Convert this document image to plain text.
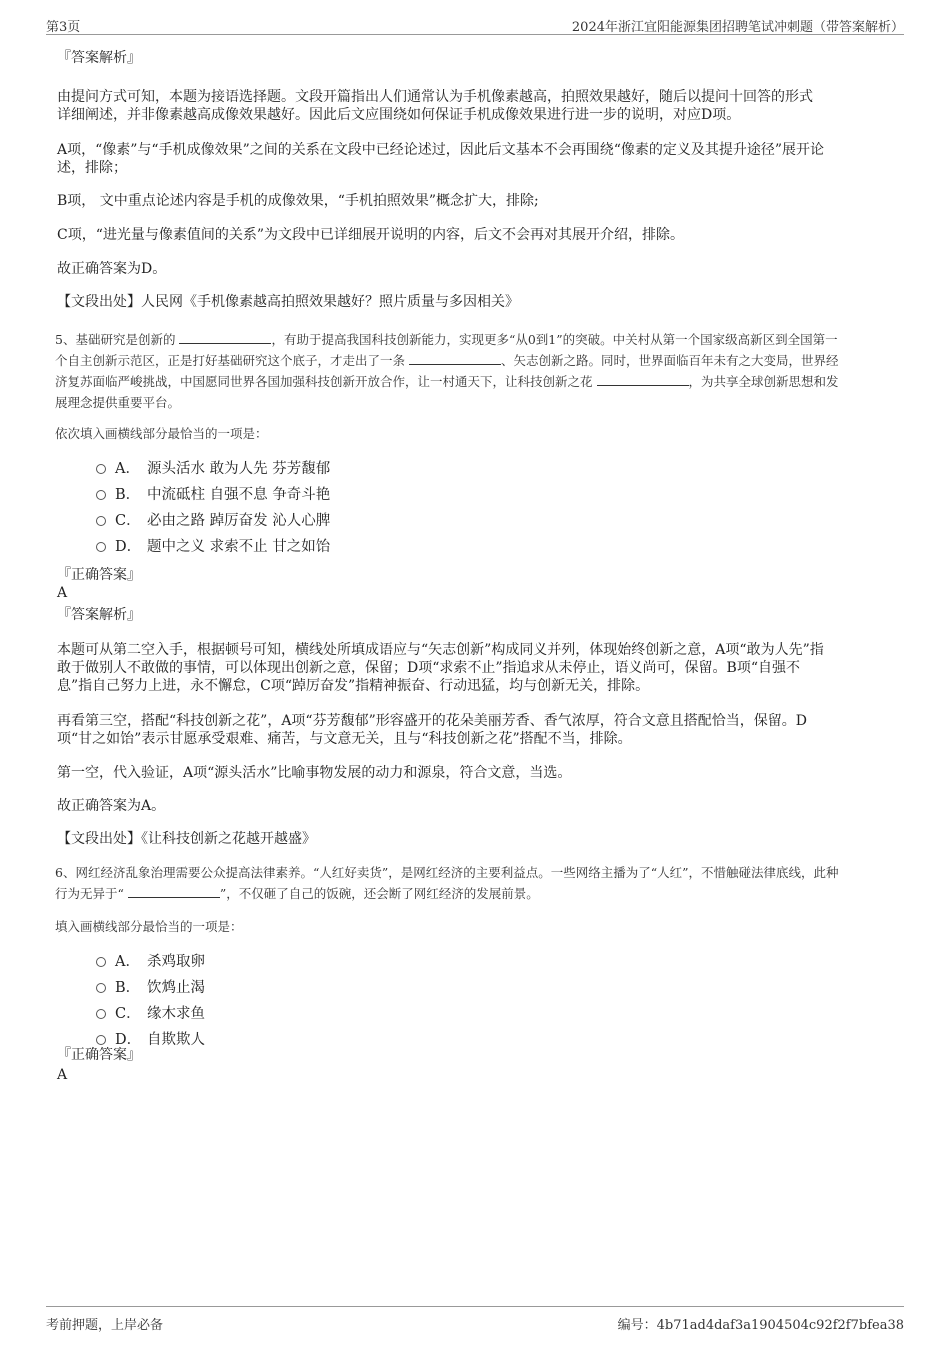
第3页	2024年浙江宜阳能源集团招聘笔试冲刺题（带答案解析）
『答案解析』
由提问方式可知，本题为接语选择题。文段开篇指出人们通常认为手机像素越高，拍照效果越好，随后以提问十回答的形式
详细阐述，并非像素越高成像效果越好。因此后文应围绕如何保证手机成像效果进行进一步的说明，对应D项。
A项，“像素”与“手机成像效果”之间的关系在文段中已经论述过，因此后文基本不会再围绕“像素的定义及其提升途径”展开论
述，排除；
B项， 文中重点论述内容是手机的成像效果，“手机拍照效果”概念扩大，排除;
C项，“进光量与像素值间的关系”为文段中已详细展开说明的内容，后文不会再对其展开介绍，排除。
故正确答案为D。
【文段出处】人民网《手机像素越高拍照效果越好？照片质量与多因相关》
5、基础研究是创新的	，有助于提高我国科技创新能力，实现更多“从0到1”的突破。中关村从第一个国家级高新区到全国第一
个自主创新示范区，正是打好基础研究这个底子，才走出了一条	、矢志创新之路。同时，世界面临百年未有之大变局，世界经
济复苏面临严峻挑战，中国愿同世界各国加强科技创新开放合作，让一村通天下，让科技创新之花	，为共享全球创新思想和发
展理念提供重要平台。
依次填入画横线部分最恰当的一项是：
A． 源头活水 敢为人先 芬芳馥郁
B． 中流砥柱 自强不息 争奇斗艳
C． 必由之路 踔厉奋发 沁人心脾
D． 题中之义 求索不止 甘之如饴
『正确答案』
A
『答案解析』
本题可从第二空入手，根据顿号可知，横线处所填成语应与“矢志创新”构成同义并列，体现始终创新之意，A项“敢为人先”指
敢于做别人不敢做的事情，可以体现出创新之意，保留；D项“求索不止”指追求从未停止，语义尚可，保留。B项“自强不
息”指自己努力上进，永不懈怠，C项“踔厉奋发”指精神振奋、行动迅猛，均与创新无关，排除。
再看第三空，搭配“科技创新之花”，A项“芬芳馥郁”形容盛开的花朵美丽芳香、香气浓厚，符合文意且搭配恰当，保留。D
项“甘之如饴”表示甘愿承受艰难、痛苦，与文意无关，且与“科技创新之花”搭配不当，排除。
第一空，代入验证，A项“源头活水”比喻事物发展的动力和源泉，符合文意，当选。
故正确答案为A。
【文段出处】《让科技创新之花越开越盛》
6、网红经济乱象治理需要公众提高法律素养。“人红好卖货”，是网红经济的主要利益点。一些网络主播为了“人红”，不惜触碰法律底线，此种
行为无异于“	”，不仅砸了自己的饭碗，还会断了网红经济的发展前景。
填入画横线部分最恰当的一项是：
A． 杀鸡取卵
B． 饮鸩止渴
C． 缘木求鱼
D． 自欺欺人
『正确答案』
A
考前押题，上岸必备	编号：4b71ad4daf3a1904504c92f2f7bfea38
